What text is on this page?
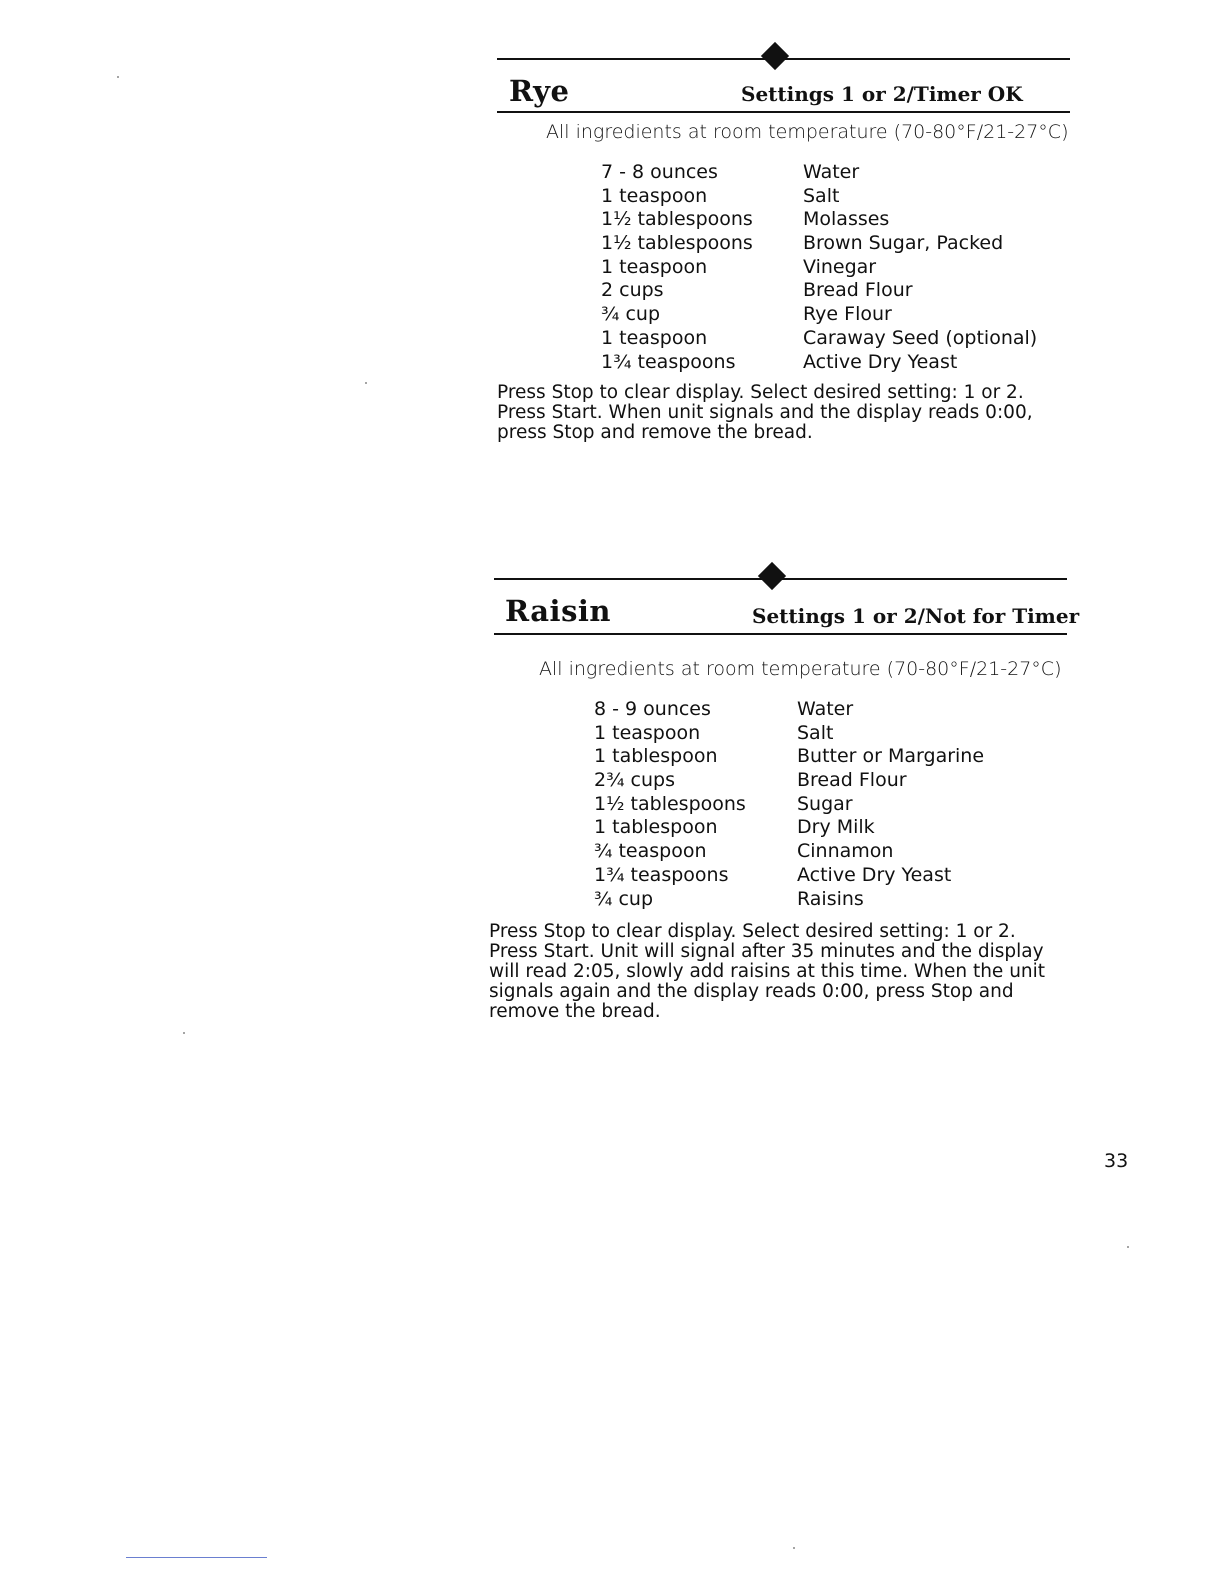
Rye	Settings 1 or 2/Timer OK
All ingredients at room temperature (70-80°F/21-27°C)
7 - 8 ounces	Water
1 teaspoon	Salt
1½ tablespoons	Molasses
1½ tablespoons	Brown Sugar, Packed
1 teaspoon	Vinegar
2 cups	Bread Flour
¾ cup	Rye Flour
1 teaspoon	Caraway Seed (optional)
1¾ teaspoons	Active Dry Yeast

Press Stop to clear display. Select desired setting: 1 or 2. Press Start. When unit signals and the display reads 0:00, press Stop and remove the bread.

Raisin	Settings 1 or 2/Not for Timer
All ingredients at room temperature (70-80°F/21-27°C)
8 - 9 ounces	Water
1 teaspoon	Salt
1 tablespoon	Butter or Margarine
2¾ cups	Bread Flour
1½ tablespoons	Sugar
1 tablespoon	Dry Milk
¾ teaspoon	Cinnamon
1¾ teaspoons	Active Dry Yeast
¾ cup	Raisins

Press Stop to clear display. Select desired setting: 1 or 2. Press Start. Unit will signal after 35 minutes and the display will read 2:05, slowly add raisins at this time. When the unit signals again and the display reads 0:00, press Stop and remove the bread.

33
